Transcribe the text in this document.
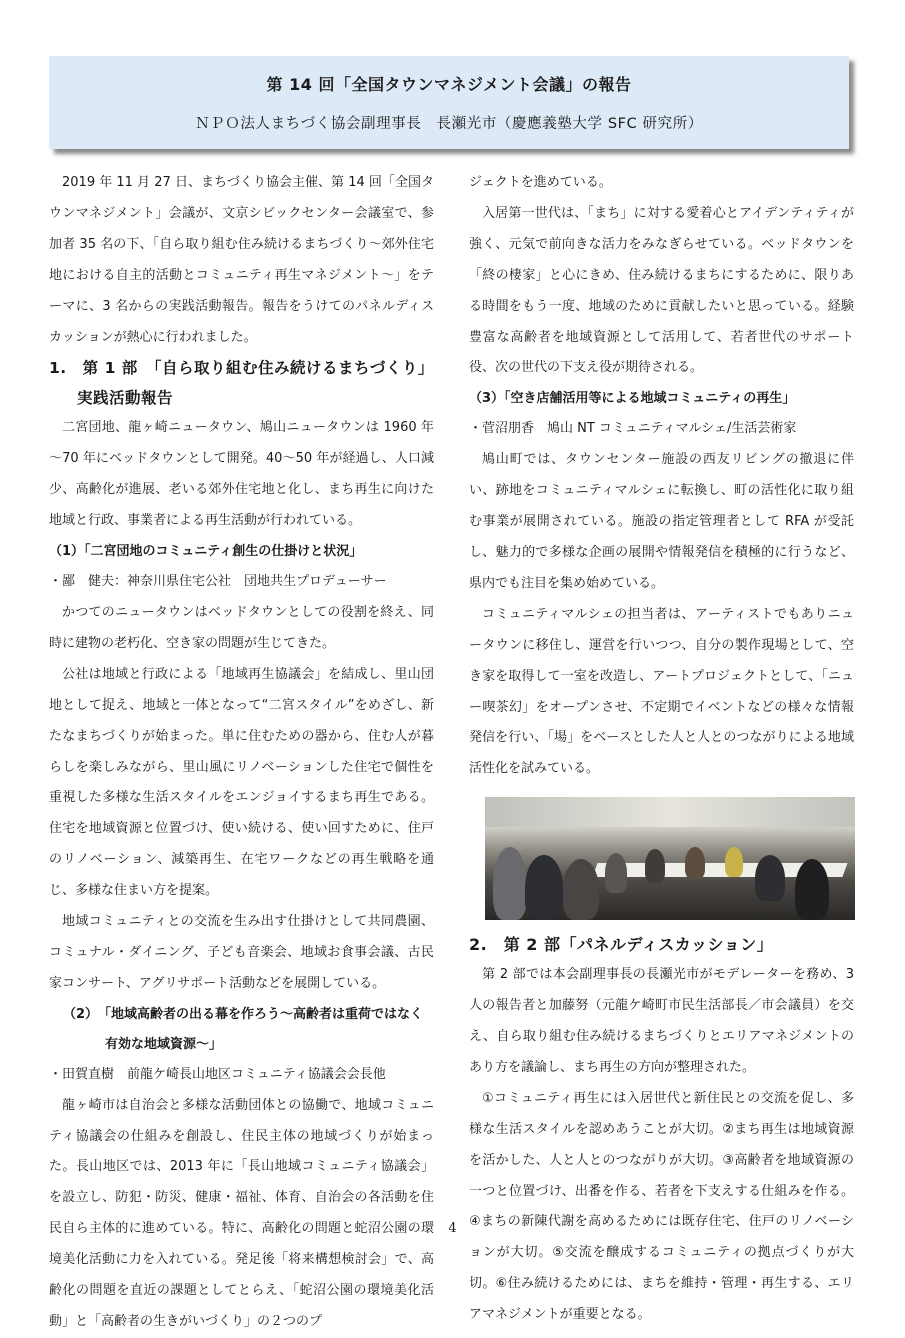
第 14 回「全国タウンマネジメント会議」の報告
ＮＰＯ法人まちづく協会副理事長　長瀬光市（慶應義塾大学 SFC 研究所）

2019 年 11 月 27 日、まちづくり協会主催、第 14 回「全国タウンマネジメント」会議が、文京シビックセンター会議室で、参加者 35 名の下、「自ら取り組む住み続けるまちづくり～郊外住宅地における自主的活動とコミュニティ再生マネジメント～」をテーマに、3 名からの実践活動報告。報告をうけてのパネルディスカッションが熱心に行われました。

1.　第 1 部　「自ら取り組む住み続けるまちづくり」実践活動報告

二宮団地、龍ヶ崎ニュータウン、鳩山ニュータウンは 1960 年～70 年にベッドタウンとして開発。40～50 年が経過し、人口減少、高齢化が進展、老いる郊外住宅地と化し、まち再生に向けた地域と行政、事業者による再生活動が行われている。

（1）「二宮団地のコミュニティ創生の仕掛けと状況」

・鄙　健夫：神奈川県住宅公社　団地共生プロデューサー

かつてのニュータウンはベッドタウンとしての役割を終え、同時に建物の老朽化、空き家の問題が生じてきた。

公社は地域と行政による「地域再生協議会」を結成し、里山団地として捉え、地域と一体となって“二宮スタイル”をめざし、新たなまちづくりが始まった。単に住むための器から、住む人が暮らしを楽しみながら、里山風にリノベーションした住宅で個性を重視した多様な生活スタイルをエンジョイするまち再生である。住宅を地域資源と位置づけ、使い続ける、使い回すために、住戸のリノベーション、減築再生、在宅ワークなどの再生戦略を通じ、多様な住まい方を提案。

地域コミュニティとの交流を生み出す仕掛けとして共同農園、コミュナル・ダイニング、子ども音楽会、地域お食事会議、古民家コンサート、アグリサポート活動などを展開している。

（2）　「地域高齢者の出る幕を作ろう～高齢者は重荷ではなく有効な地域資源～」

・田賀直樹　前龍ケ崎長山地区コミュニティ協議会会長他

龍ヶ崎市は自治会と多様な活動団体との協働で、地域コミュニティ協議会の仕組みを創設し、住民主体の地域づくりが始まった。長山地区では、2013 年に「長山地域コミュニティ協議会」を設立し、防犯・防災、健康・福祉、体育、自治会の各活動を住民自ら主体的に進めている。特に、高齢化の問題と蛇沼公園の環境美化活動に力を入れている。発足後「将来構想検討会」で、高齢化の問題を直近の課題としてとらえ、「蛇沼公園の環境美化活動」と「高齢者の生きがいづくり」の２つのプ

ジェクトを進めている。

入居第一世代は、「まち」に対する愛着心とアイデンティティが強く、元気で前向きな活力をみなぎらせている。ベッドタウンを「終の棲家」と心にきめ、住み続けるまちにするために、限りある時間をもう一度、地域のために貢献したいと思っている。経験豊富な高齢者を地域資源として活用して、若者世代のサポート役、次の世代の下支え役が期待される。

（3）「空き店舗活用等による地域コミュニティの再生」

・菅沼朋香　鳩山 NT コミュニティマルシェ/生活芸術家

鳩山町では、タウンセンター施設の西友リビングの撤退に伴い、跡地をコミュニティマルシェに転換し、町の活性化に取り組む事業が展開されている。施設の指定管理者として RFA が受託し、魅力的で多様な企画の展開や情報発信を積極的に行うなど、県内でも注目を集め始めている。

コミュニティマルシェの担当者は、アーティストでもありニュータウンに移住し、運営を行いつつ、自分の製作現場として、空き家を取得して一室を改造し、アートプロジェクトとして、「ニュー喫茶幻」をオープンさせ、不定期でイベントなどの様々な情報発信を行い、「場」をベースとした人と人とのつながりによる地域活性化を試みている。

2.　第 2 部「パネルディスカッション」

第 2 部では本会副理事長の長瀬光市がモデレーターを務め、3 人の報告者と加藤努（元龍ケ崎町市民生活部長／市会議員）を交え、自ら取り組む住み続けるまちづくりとエリアマネジメントのあり方を議論し、まち再生の方向が整理された。

①コミュニティ再生には入居世代と新住民との交流を促し、多様な生活スタイルを認めあうことが大切。②まち再生は地域資源を活かした、人と人とのつながりが大切。③高齢者を地域資源の一つと位置づけ、出番を作る、若者を下支えする仕組みを作る。④まちの新陳代謝を高めるためには既存住宅、住戸のリノベーションが大切。⑤交流を醸成するコミュニティの拠点づくりが大切。⑥住み続けるためには、まちを維持・管理・再生する、エリアマネジメントが重要となる。

4
